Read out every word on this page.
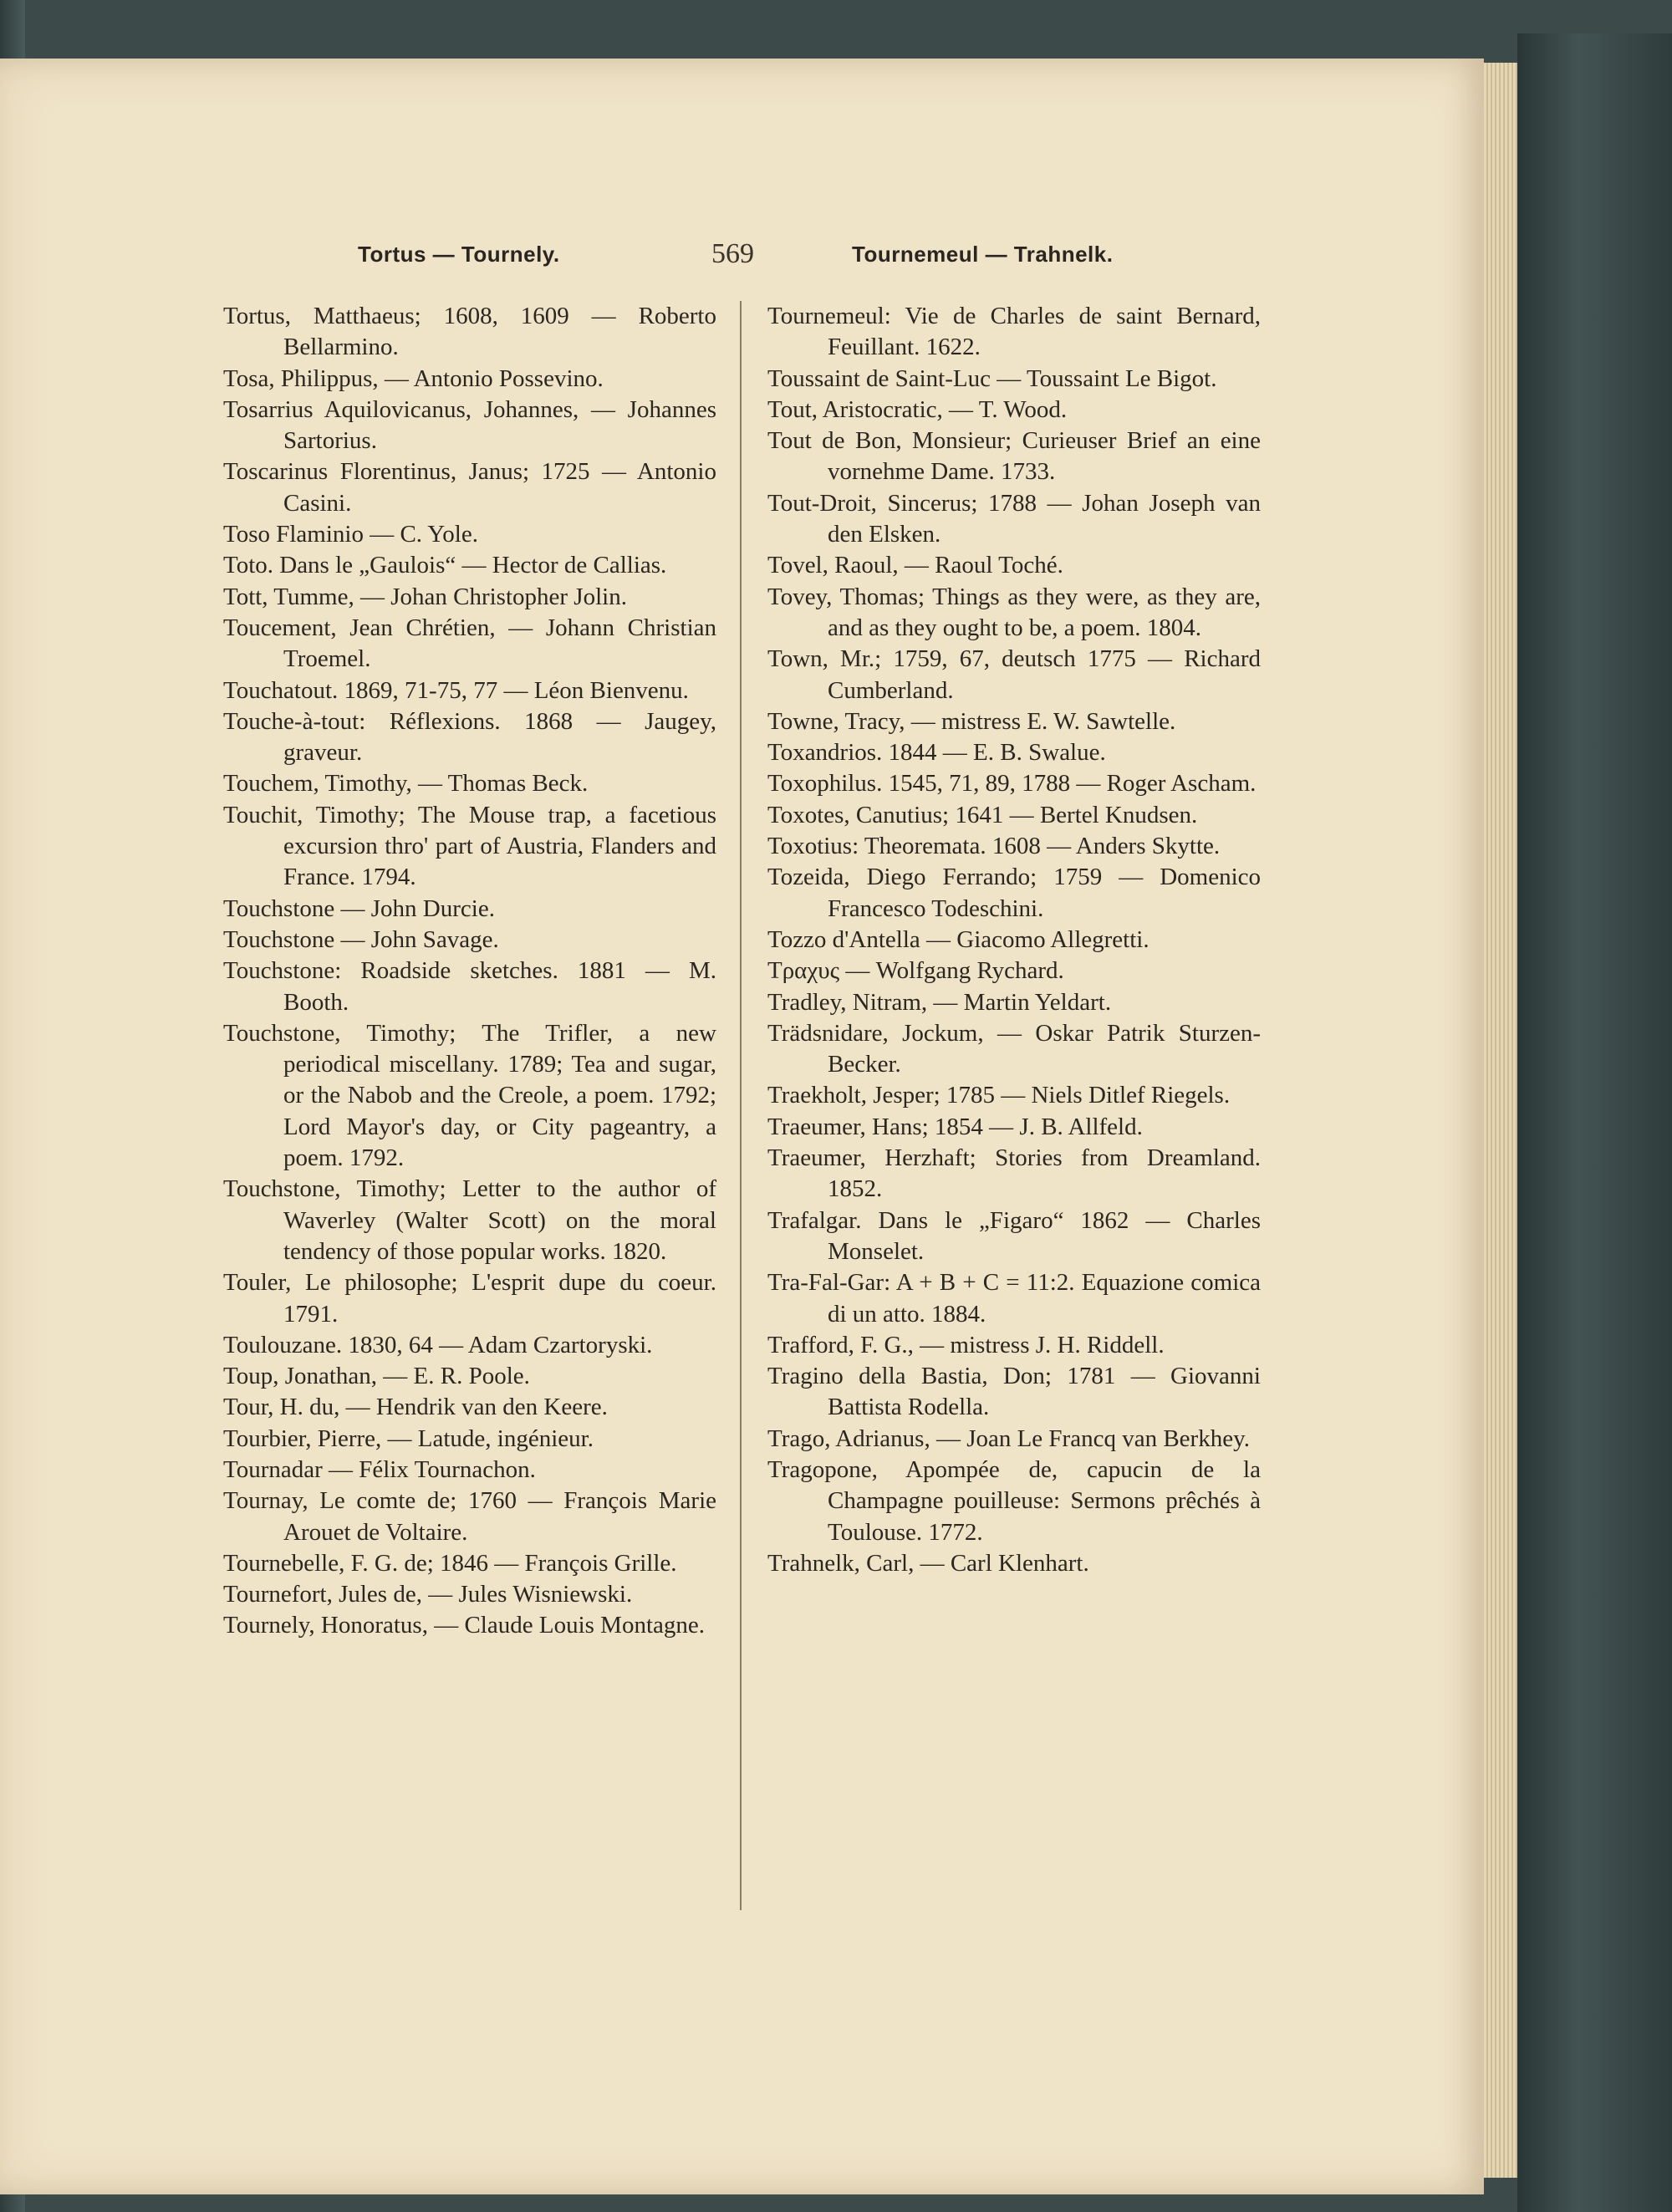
Tortus — Tournely.	569	Tournemeul — Trahnelk.

Tortus, Matthaeus; 1608, 1609 — Roberto Bellarmino.

Tosa, Philippus, — Antonio Possevino.

Tosarrius Aquilovicanus, Johannes, — Johannes Sartorius.

Toscarinus Florentinus, Janus; 1725 — Antonio Casini.

Toso Flaminio — C. Yole.

Toto. Dans le „Gaulois“ — Hector de Callias.

Tott, Tumme, — Johan Christopher Jolin.

Toucement, Jean Chrétien, — Johann Christian Troemel.

Touchatout. 1869, 71-75, 77 — Léon Bienvenu.

Touche-à-tout: Réflexions. 1868 — Jaugey, graveur.

Touchem, Timothy, — Thomas Beck.

Touchit, Timothy; The Mouse trap, a facetious excursion thro' part of Austria, Flanders and France. 1794.

Touchstone — John Durcie.

Touchstone — John Savage.

Touchstone: Roadside sketches. 1881 — M. Booth.

Touchstone, Timothy; The Trifler, a new periodical miscellany. 1789; Tea and sugar, or the Nabob and the Creole, a poem. 1792; Lord Mayor's day, or City pageantry, a poem. 1792.

Touchstone, Timothy; Letter to the author of Waverley (Walter Scott) on the moral tendency of those popular works. 1820.

Touler, Le philosophe; L'esprit dupe du coeur. 1791.

Toulouzane. 1830, 64 — Adam Czartoryski.

Toup, Jonathan, — E. R. Poole.

Tour, H. du, — Hendrik van den Keere.

Tourbier, Pierre, — Latude, ingénieur.

Tournadar — Félix Tournachon.

Tournay, Le comte de; 1760 — François Marie Arouet de Voltaire.

Tournebelle, F. G. de; 1846 — François Grille.

Tournefort, Jules de, — Jules Wisniewski.

Tournely, Honoratus, — Claude Louis Montagne.

Tournemeul: Vie de Charles de saint Bernard, Feuillant. 1622.

Toussaint de Saint-Luc — Toussaint Le Bigot.

Tout, Aristocratic, — T. Wood.

Tout de Bon, Monsieur; Curieuser Brief an eine vornehme Dame. 1733.

Tout-Droit, Sincerus; 1788 — Johan Joseph van den Elsken.

Tovel, Raoul, — Raoul Toché.

Tovey, Thomas; Things as they were, as they are, and as they ought to be, a poem. 1804.

Town, Mr.; 1759, 67, deutsch 1775 — Richard Cumberland.

Towne, Tracy, — mistress E. W. Sawtelle.

Toxandrios. 1844 — E. B. Swalue.

Toxophilus. 1545, 71, 89, 1788 — Roger Ascham.

Toxotes, Canutius; 1641 — Bertel Knudsen.

Toxotius: Theoremata. 1608 — Anders Skytte.

Tozeida, Diego Ferrando; 1759 — Domenico Francesco Todeschini.

Tozzo d'Antella — Giacomo Allegretti.

Τραχυς — Wolfgang Rychard.

Tradley, Nitram, — Martin Yeldart.

Trädsnidare, Jockum, — Oskar Patrik Sturzen-Becker.

Traekholt, Jesper; 1785 — Niels Ditlef Riegels.

Traeumer, Hans; 1854 — J. B. Allfeld.

Traeumer, Herzhaft; Stories from Dreamland. 1852.

Trafalgar. Dans le „Figaro“ 1862 — Charles Monselet.

Tra-Fal-Gar: A + B + C = 11:2. Equazione comica di un atto. 1884.

Trafford, F. G., — mistress J. H. Riddell.

Tragino della Bastia, Don; 1781 — Giovanni Battista Rodella.

Trago, Adrianus, — Joan Le Francq van Berkhey.

Tragopone, Apompée de, capucin de la Champagne pouilleuse: Sermons prêchés à Toulouse. 1772.

Trahnelk, Carl, — Carl Klenhart.
